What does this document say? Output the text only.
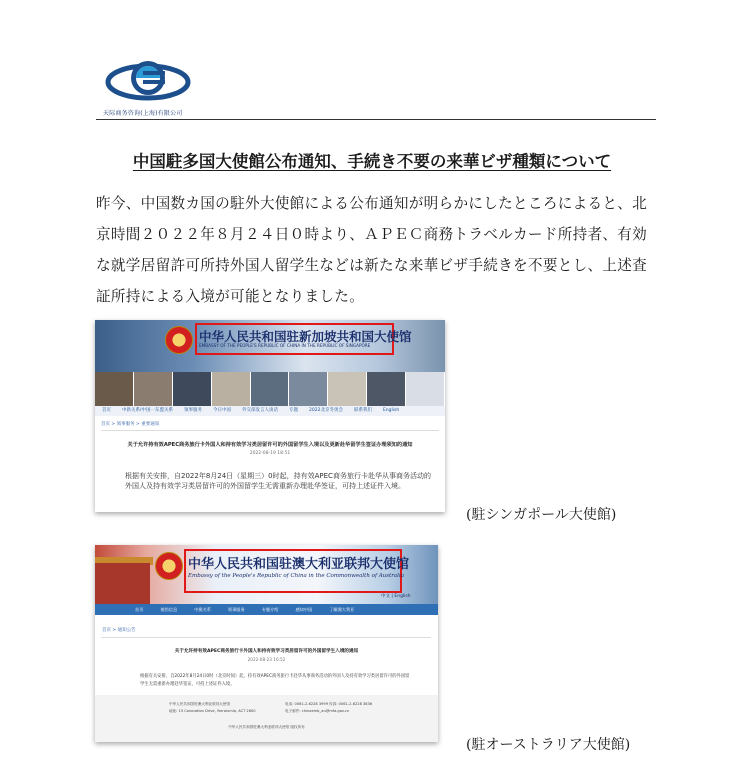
天际商务咨询(上海)有限公司
中国駐多国大使館公布通知、手続き不要の来華ビザ種類について
昨今、中国数カ国の駐外大使館による公布通知が明らかにしたところによると、北京時間２０２２年８月２４日０時より、ＡＰＥＣ商務トラベルカード所持者、有効な就学居留許可所持外国人留学生などは新たな来華ビザ手続きを不要とし、上述査証所持による入境が可能となりました。
中华人民共和国驻新加坡共和国大使馆
EMBASSY OF THE PEOPLE'S REPUBLIC OF CHINA IN THE REPUBLIC OF SINGAPORE
首页 中新关系/中国一东盟关系 领事服务 今日中国 外交部发言人谈话 专题 2022北京冬奥会 联系我们 English
首页 > 领事服务 > 重要通知
关于允许持有效APEC商务旅行卡外国人和持有效学习类居留许可的外国留学生入境以及更新赴华留学生签证办理须知的通知
2022-08-19 18:51
根据有关安排，自2022年8月24日（星期三）0时起，持有效APEC商务旅行卡赴华从事商务活动的外国人及持有效学习类居留许可的外国留学生无需重新办理赴华签证，可持上述证件入境。
(駐シンガポール大使館)
中华人民共和国驻澳大利亚联邦大使馆
Embassy of the People's Republic of China in the Commonwealth of Australia
中文 | English
首页	使馆信息	中澳关系	领事服务	专题介绍	感知中国	了解澳大利亚
首页 > 通知公告
关于允许持有效APEC商务旅行卡外国人和持有效学习类居留许可的外国留学生入境的通知
2022-08-23 16:52
根据有关安排，自2022年8月24日0时（北京时间）起，持有效APEC商务旅行卡赴华从事商务活动的外国人及持有效学习类居留许可的外国留学生无需重新办理赴华签证，可持上述证件入境。
中华人民共和国驻澳大利亚联邦大使馆
地址: 15 Coronation Drive, Yarralumla, ACT 2600
电话: 0061-2-6228 3999 传真: 0061-2-6228 3836
电子邮件: chinaemb_au@mfa.gov.cn
中华人民共和国驻澳大利亚联邦大使馆 版权所有
(駐オーストラリア大使館)
